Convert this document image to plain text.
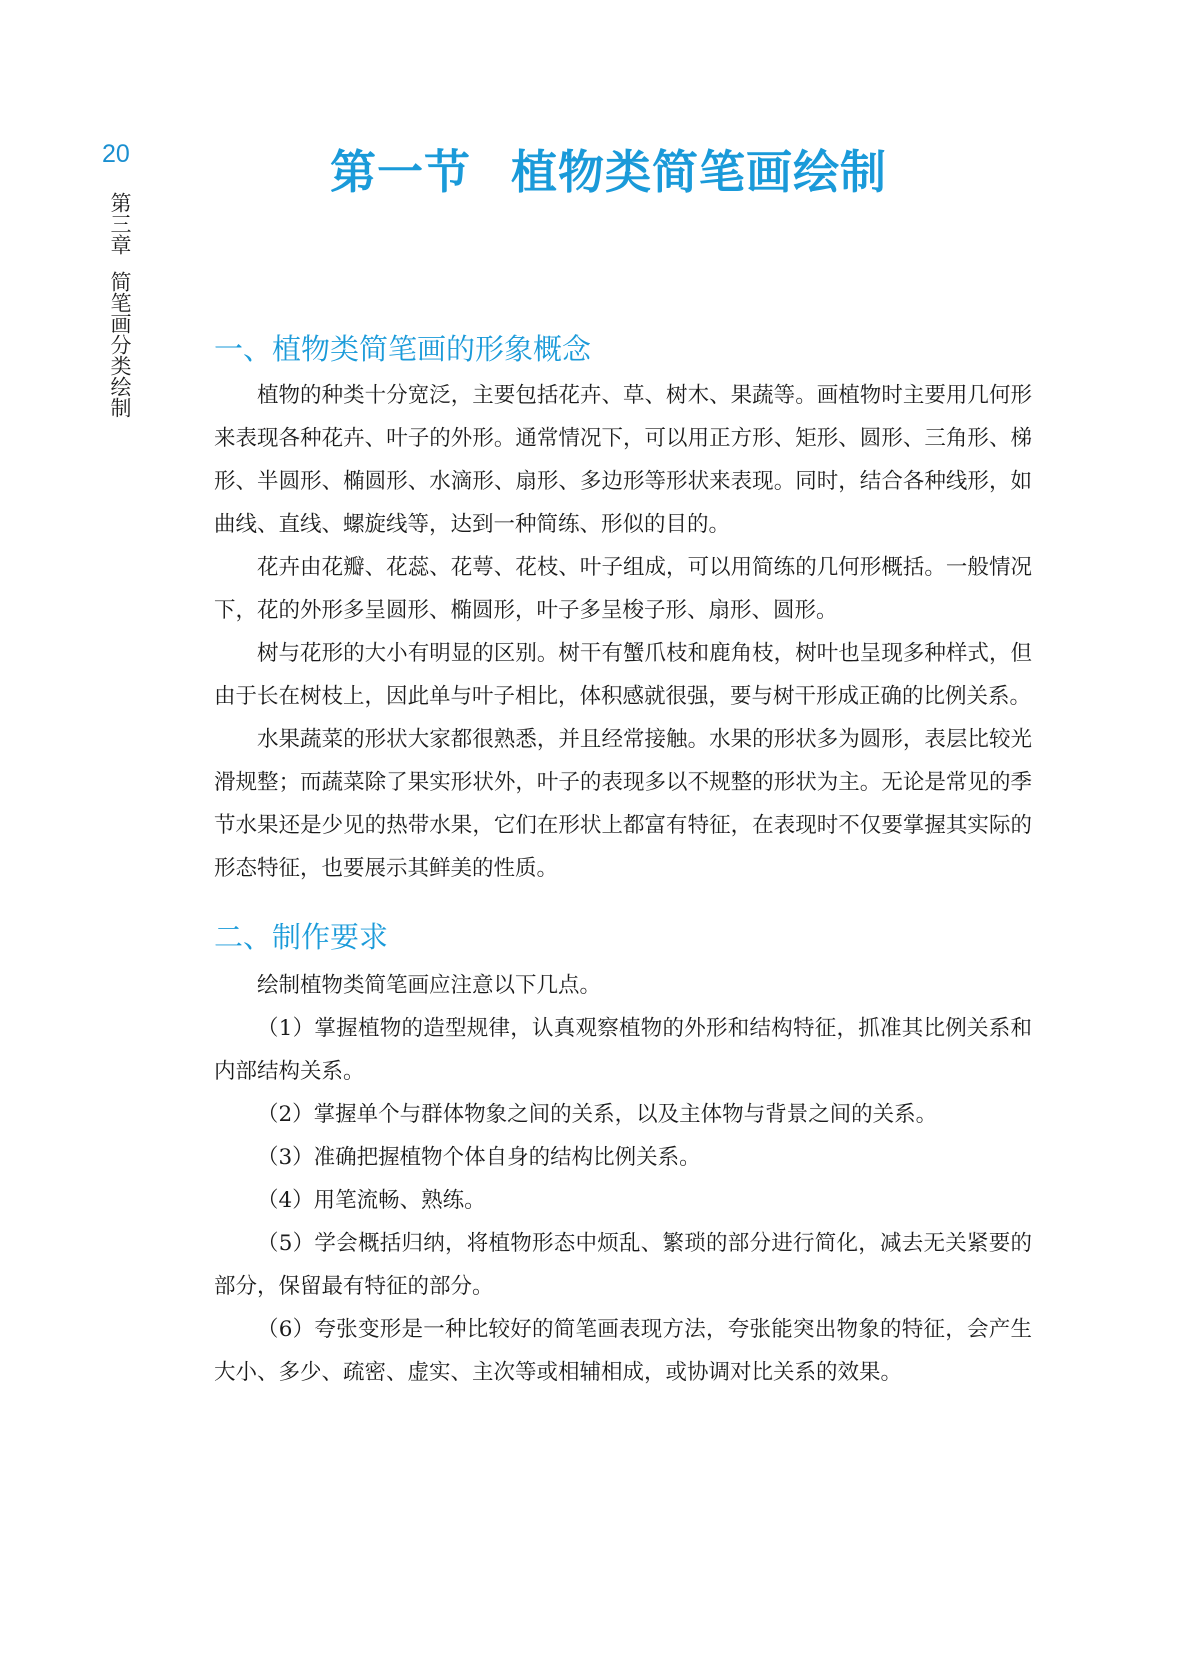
20
第三章简笔画分类绘制
第一节 植物类简笔画绘制
一、植物类简笔画的形象概念

植物的种类十分宽泛，主要包括花卉、草、树木、果蔬等。画植物时主要用几何形来表现各种花卉、叶子的外形。通常情况下，可以用正方形、矩形、圆形、三角形、梯形、半圆形、椭圆形、水滴形、扇形、多边形等形状来表现。同时，结合各种线形，如曲线、直线、螺旋线等，达到一种简练、形似的目的。

花卉由花瓣、花蕊、花萼、花枝、叶子组成，可以用简练的几何形概括。一般情况下，花的外形多呈圆形、椭圆形，叶子多呈梭子形、扇形、圆形。

树与花形的大小有明显的区别。树干有蟹爪枝和鹿角枝，树叶也呈现多种样式，但由于长在树枝上，因此单与叶子相比，体积感就很强，要与树干形成正确的比例关系。

水果蔬菜的形状大家都很熟悉，并且经常接触。水果的形状多为圆形，表层比较光滑规整；而蔬菜除了果实形状外，叶子的表现多以不规整的形状为主。无论是常见的季节水果还是少见的热带水果，它们在形状上都富有特征，在表现时不仅要掌握其实际的形态特征，也要展示其鲜美的性质。

二、制作要求

绘制植物类简笔画应注意以下几点。

（1）掌握植物的造型规律，认真观察植物的外形和结构特征，抓准其比例关系和内部结构关系。

（2）掌握单个与群体物象之间的关系，以及主体物与背景之间的关系。

（3）准确把握植物个体自身的结构比例关系。

（4）用笔流畅、熟练。

（5）学会概括归纳，将植物形态中烦乱、繁琐的部分进行简化，减去无关紧要的部分，保留最有特征的部分。

（6）夸张变形是一种比较好的简笔画表现方法，夸张能突出物象的特征，会产生大小、多少、疏密、虚实、主次等或相辅相成，或协调对比关系的效果。
